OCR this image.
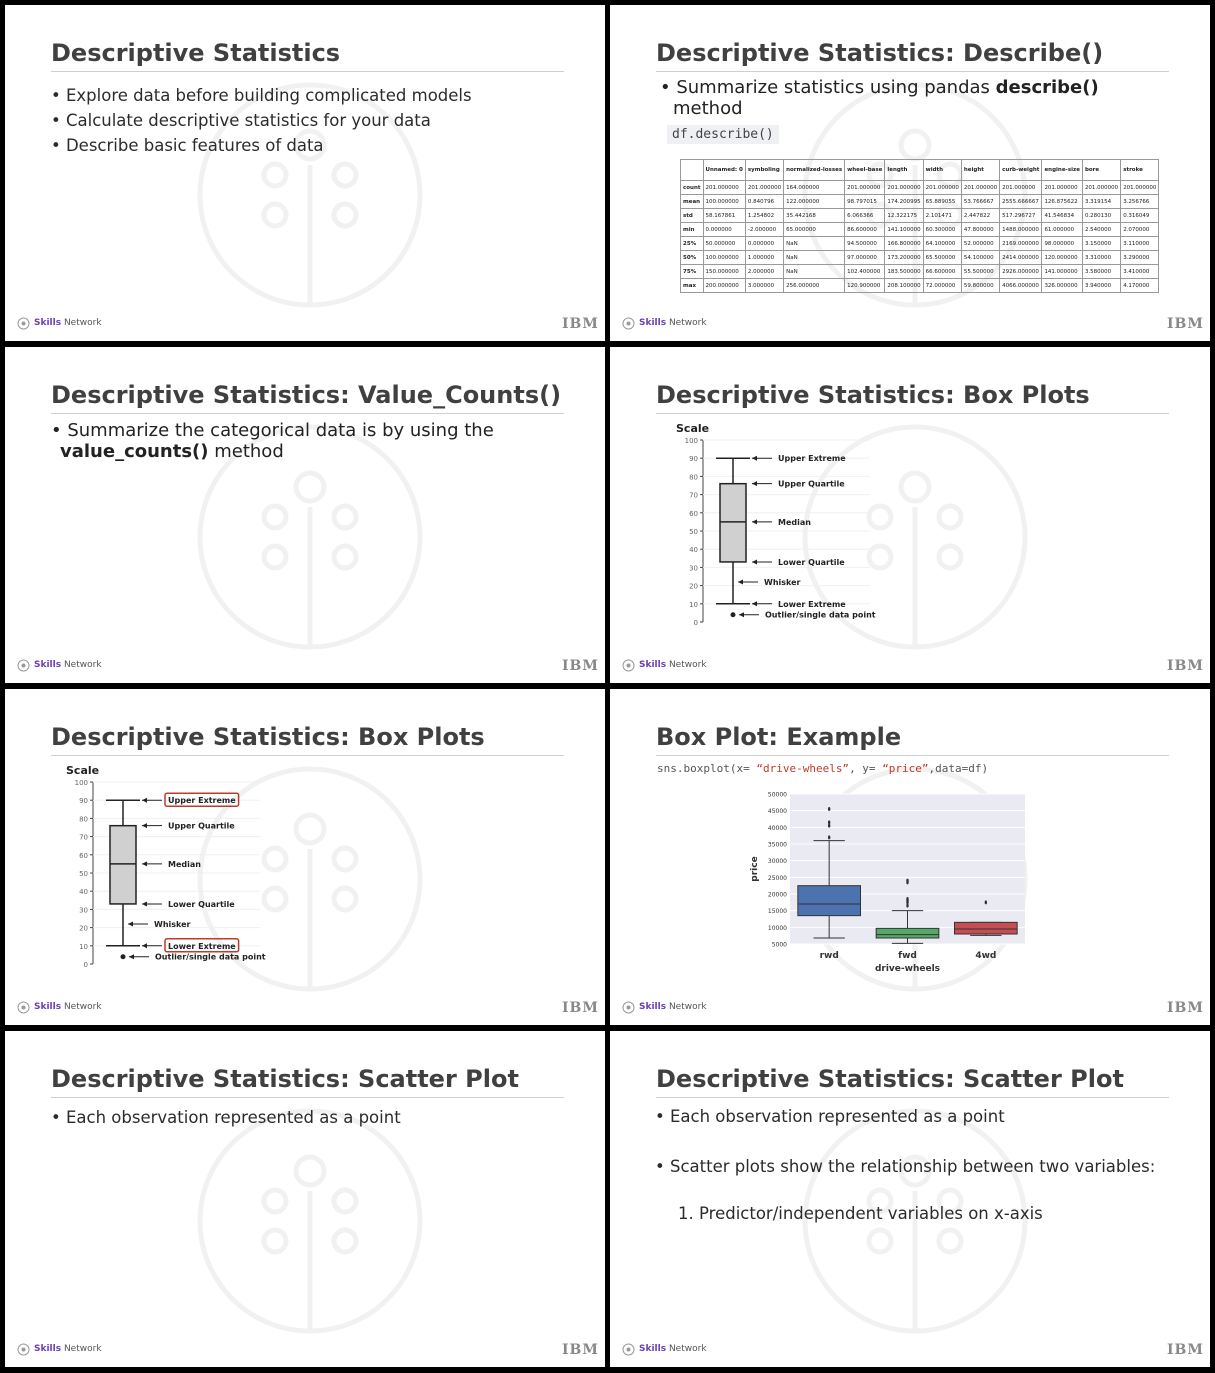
Descriptive Statistics
• Explore data before building complicated models
• Calculate descriptive statistics for your data
• Describe basic features of data
Skills Network	IBM
Descriptive Statistics: Describe()
• Summarize statistics using pandas describe()
method
df.describe()
	Unnamed: 0	symboling	normalized-losses	wheel-base	length	width	height	curb-weight	engine-size	bore	stroke
count	201.000000	201.000000	164.000000	201.000000	201.000000	201.000000	201.000000	201.000000	201.000000	201.000000	201.000000
mean	100.000000	0.840796	122.000000	98.797015	174.200995	65.889055	53.766667	2555.666667	126.875622	3.319154	3.256766
std	58.167861	1.254802	35.442168	6.066366	12.322175	2.101471	2.447822	517.296727	41.546834	0.280130	0.316049
min	0.000000	-2.000000	65.000000	86.600000	141.100000	60.300000	47.800000	1488.000000	61.000000	2.540000	2.070000
25%	50.000000	0.000000	NaN	94.500000	166.800000	64.100000	52.000000	2169.000000	98.000000	3.150000	3.110000
50%	100.000000	1.000000	NaN	97.000000	173.200000	65.500000	54.100000	2414.000000	120.000000	3.310000	3.290000
75%	150.000000	2.000000	NaN	102.400000	183.500000	66.600000	55.500000	2926.000000	141.000000	3.580000	3.410000
max	200.000000	3.000000	256.000000	120.900000	208.100000	72.000000	59.800000	4066.000000	326.000000	3.940000	4.170000
Skills Network	IBM
Descriptive Statistics: Value_Counts()
• Summarize the categorical data is by using the
value_counts() method
Skills Network	IBM
Descriptive Statistics: Box Plots
Scale
0
10
20
30
40
50
60
70
80
90
100
Upper Extreme
Upper Quartile
Median
Lower Quartile
Whisker
Lower Extreme
Outlier/single data point
Skills Network	IBM
Descriptive Statistics: Box Plots
Scale
0
10
20
30
40
50
60
70
80
90
100
Upper Extreme
Upper Quartile
Median
Lower Quartile
Whisker
Lower Extreme
Outlier/single data point
Skills Network	IBM
Box Plot: Example
sns.boxplot(x= “drive-wheels”, y= “price”,data=df)
5000
10000
15000
20000
25000
30000
35000
40000
45000
50000
price
rwd	fwd	4wd
drive-wheels
Skills Network	IBM
Descriptive Statistics: Scatter Plot
• Each observation represented as a point
Skills Network	IBM
Descriptive Statistics: Scatter Plot
• Each observation represented as a point
• Scatter plots show the relationship between two variables:
1. Predictor/independent variables on x-axis
Skills Network	IBM
